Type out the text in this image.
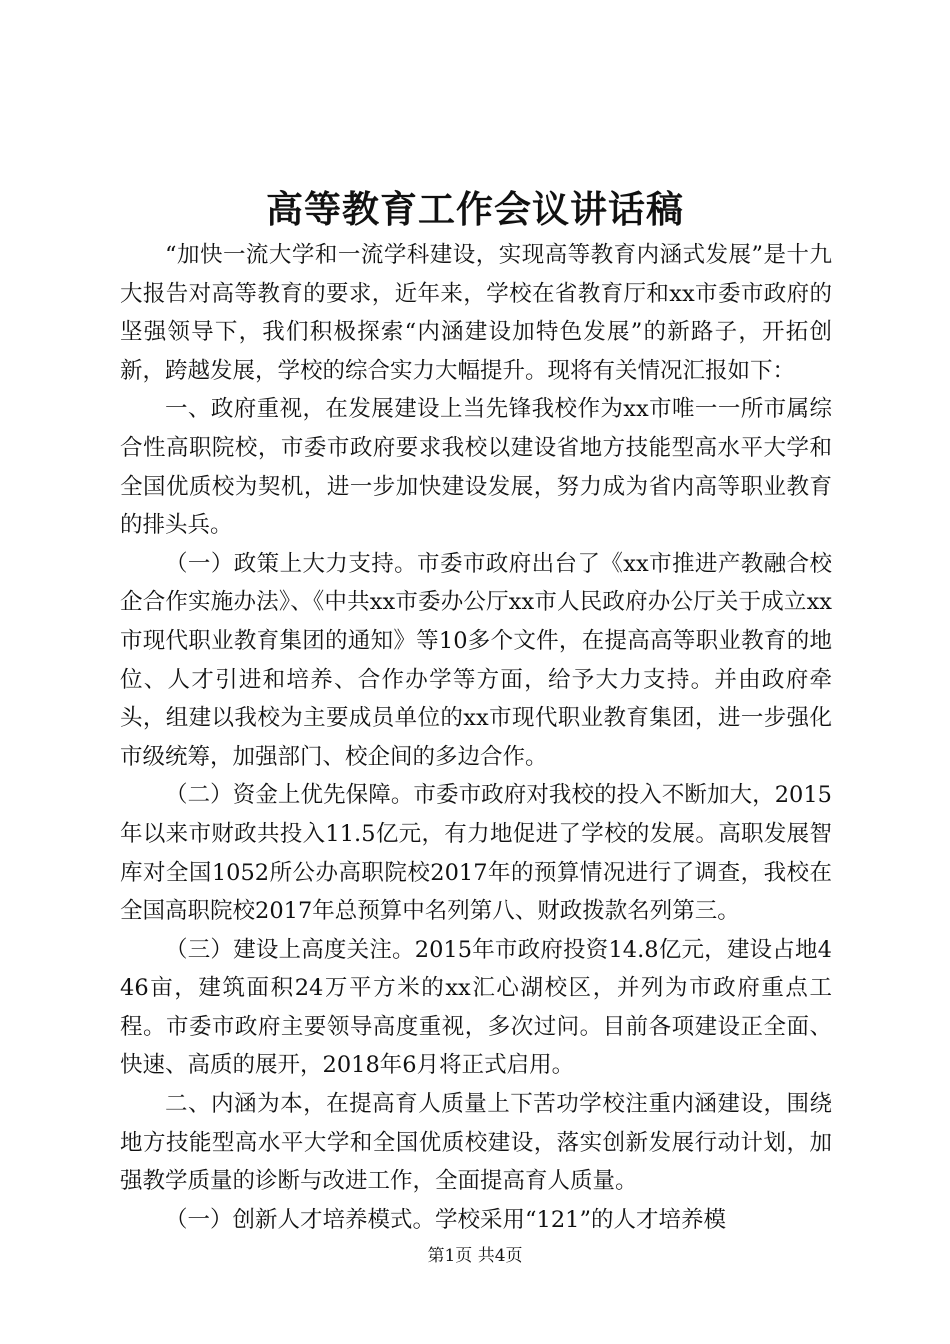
高等教育工作会议讲话稿

“加快一流大学和一流学科建设，实现高等教育内涵式发展”是十九大报告对高等教育的要求，近年来，学校在省教育厅和xx市委市政府的坚强领导下，我们积极探索“内涵建设加特色发展”的新路子，开拓创新，跨越发展，学校的综合实力大幅提升。现将有关情况汇报如下：

一、政府重视，在发展建设上当先锋我校作为xx市唯一一所市属综合性高职院校，市委市政府要求我校以建设省地方技能型高水平大学和全国优质校为契机，进一步加快建设发展，努力成为省内高等职业教育的排头兵。

（一）政策上大力支持。市委市政府出台了《xx市推进产教融合校企合作实施办法》、《中共xx市委办公厅xx市人民政府办公厅关于成立xx市现代职业教育集团的通知》等10多个文件，在提高高等职业教育的地位、人才引进和培养、合作办学等方面，给予大力支持。并由政府牵头，组建以我校为主要成员单位的xx市现代职业教育集团，进一步强化市级统筹，加强部门、校企间的多边合作。

（二）资金上优先保障。市委市政府对我校的投入不断加大，2015年以来市财政共投入11.5亿元，有力地促进了学校的发展。高职发展智库对全国1052所公办高职院校2017年的预算情况进行了调查，我校在全国高职院校2017年总预算中名列第八、财政拨款名列第三。

（三）建设上高度关注。2015年市政府投资14.8亿元，建设占地446亩，建筑面积24万平方米的xx汇心湖校区，并列为市政府重点工程。市委市政府主要领导高度重视，多次过问。目前各项建设正全面、快速、高质的展开，2018年6月将正式启用。

二、内涵为本，在提高育人质量上下苦功学校注重内涵建设，围绕地方技能型高水平大学和全国优质校建设，落实创新发展行动计划，加强教学质量的诊断与改进工作，全面提高育人质量。

（一）创新人才培养模式。学校采用“121”的人才培养模

第1页 共4页
